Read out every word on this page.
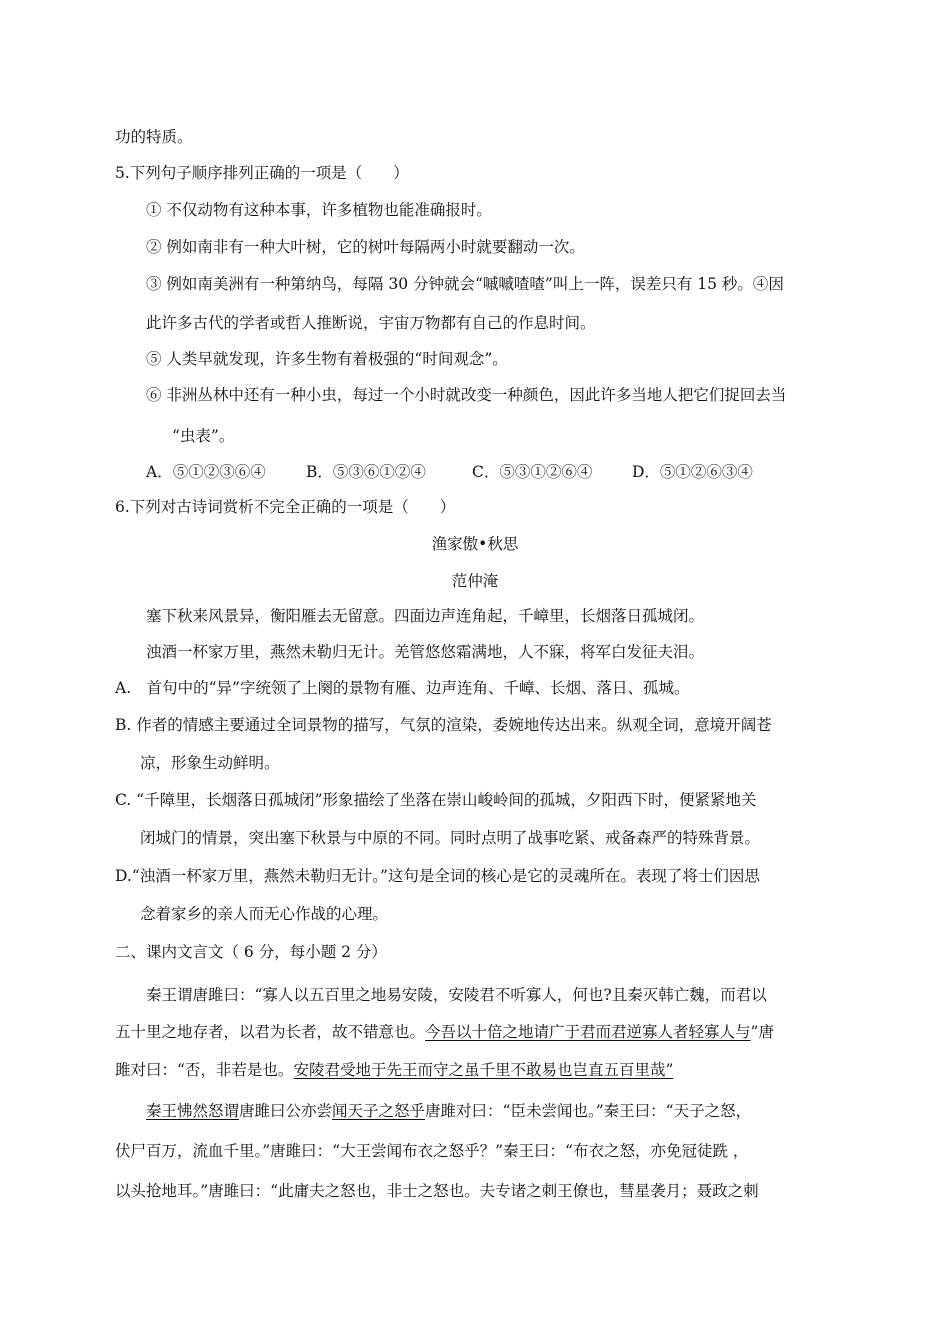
功的特质。
5.下列句子顺序排列正确的一项是（　　）
① 不仅动物有这种本事，许多植物也能准确报时。
② 例如南非有一种大叶树，它的树叶每隔两小时就要翻动一次。
③ 例如南美洲有一种第纳鸟，每隔 30 分钟就会“嘁嘁喳喳”叫上一阵，误差只有 15 秒。④因
此许多古代的学者或哲人推断说，宇宙万物都有自己的作息时间。
⑤ 人类早就发现，许多生物有着极强的“时间观念”。
⑥ 非洲丛林中还有一种小虫，每过一个小时就改变一种颜色，因此许多当地人把它们捉回去当
“虫表”。
A．⑤①②③⑥④	B．⑤③⑥①②④	C．⑤③①②⑥④	D．⑤①②⑥③④
6.下列对古诗词赏析不完全正确的一项是（　　）
渔家傲•秋思
范仲淹
塞下秋来风景异，衡阳雁去无留意。四面边声连角起，千嶂里，长烟落日孤城闭。
浊酒一杯家万里，燕然未勒归无计。羌管悠悠霜满地，人不寐，将军白发征夫泪。
A.　首句中的“异”字统领了上阕的景物有雁、边声连角、千嶂、长烟、落日、孤城。
B. 作者的情感主要通过全词景物的描写，气氛的渲染，委婉地传达出来。纵观全词，意境开阔苍
凉，形象生动鲜明。
C. “千障里，长烟落日孤城闭”形象描绘了坐落在崇山峻岭间的孤城，夕阳西下时，便紧紧地关
闭城门的情景，突出塞下秋景与中原的不同。同时点明了战事吃紧、戒备森严的特殊背景。
D.“浊酒一杯家万里，燕然未勒归无计。”这句是全词的核心是它的灵魂所在。表现了将士们因思
念着家乡的亲人而无心作战的心理。
二、课内文言文（ 6 分，每小题 2 分）
秦王谓唐雎曰：“寡人以五百里之地易安陵，安陵君不听寡人，何也?且秦灭韩亡魏，而君以
五十里之地存者，以君为长者，故不错意也。今吾以十倍之地请广于君而君逆寡人者轻寡人与”唐
雎对曰：“否，非若是也。安陵君受地于先王而守之虽千里不敢易也岂直五百里哉”
秦王怫然怒谓唐雎曰公亦尝闻天子之怒乎唐雎对曰：“臣未尝闻也。”秦王曰：“天子之怒，
伏尸百万，流血千里。”唐雎曰：“大王尝闻布衣之怒乎？”秦王曰：“布衣之怒，亦免冠徒跣 ，
以头抢地耳。”唐雎曰：“此庸夫之怒也，非士之怒也。夫专诸之刺王僚也，彗星袭月；聂政之刺
